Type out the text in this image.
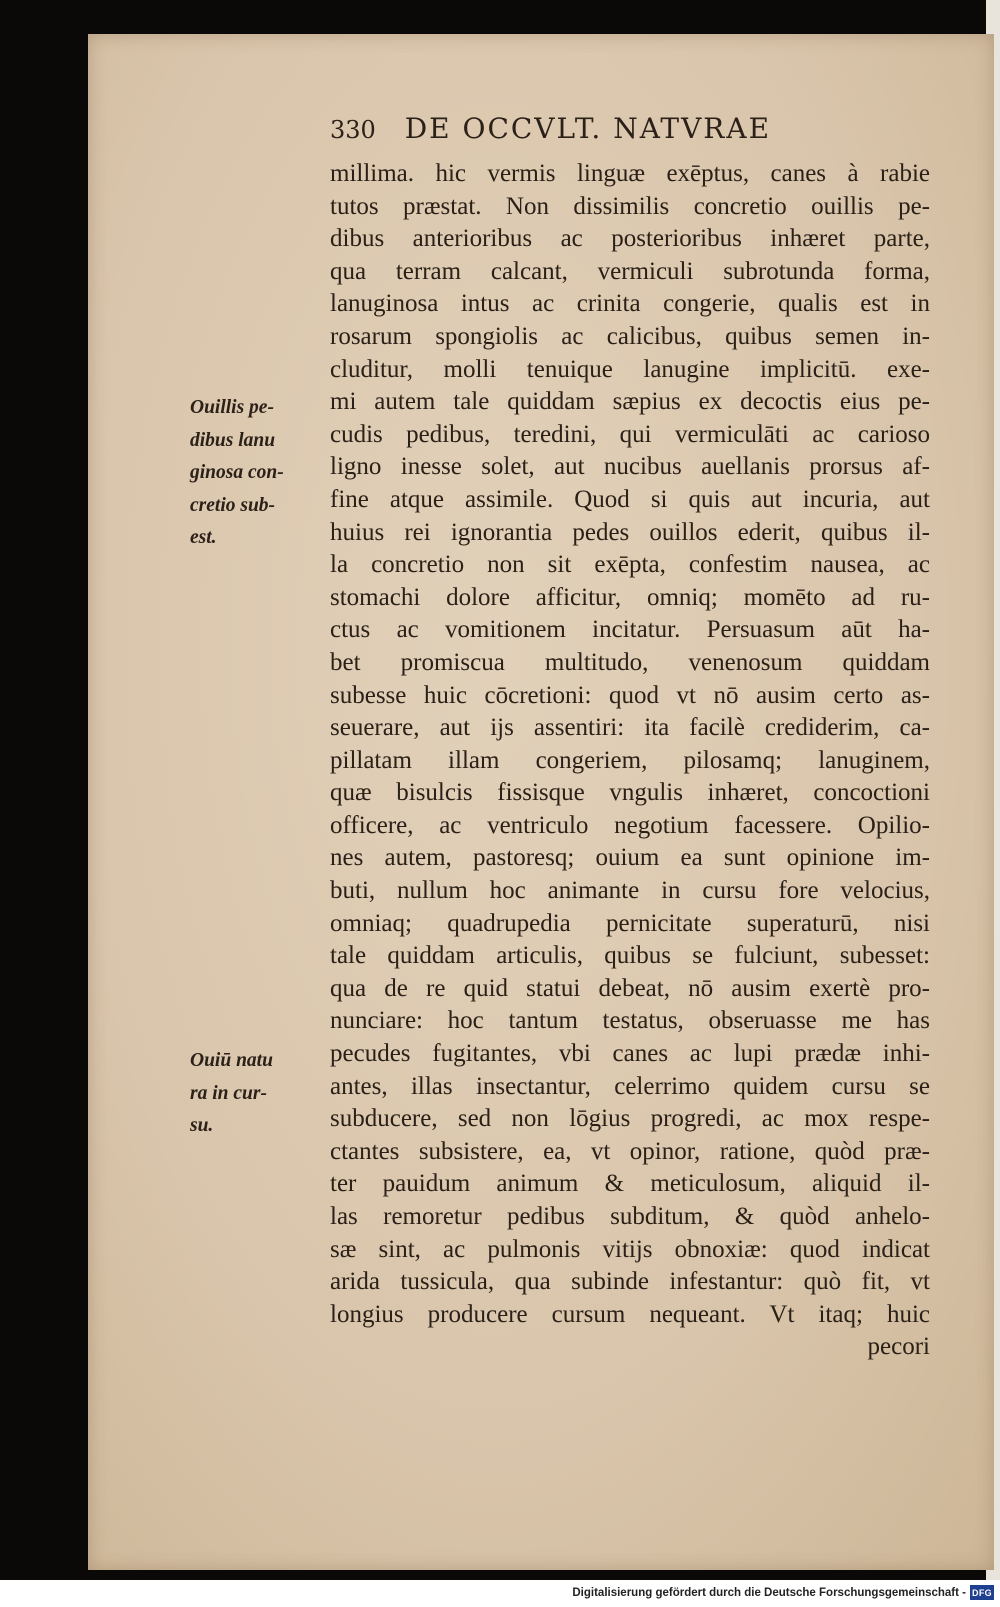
330 DE OCCVLT. NATVRAE
Ouillis pe-
dibus lanu
ginosa con-
cretio sub-
est.
Ouiū natu
ra in cur-
su.
millima. hic vermis linguæ exēptus, canes à rabie
tutos præstat. Non dissimilis concretio ouillis pe-
dibus anterioribus ac posterioribus inhæret parte,
qua terram calcant, vermiculi subrotunda forma,
lanuginosa intus ac crinita congerie, qualis est in
rosarum spongiolis ac calicibus, quibus semen in-
cluditur, molli tenuique lanugine implicitū. exe-
mi autem tale quiddam sæpius ex decoctis eius pe-
cudis pedibus, teredini, qui vermiculāti ac carioso
ligno inesse solet, aut nucibus auellanis prorsus af-
fine atque assimile. Quod si quis aut incuria, aut
huius rei ignorantia pedes ouillos ederit, quibus il-
la concretio non sit exēpta, confestim nausea, ac
stomachi dolore afficitur, omniq; momēto ad ru-
ctus ac vomitionem incitatur. Persuasum aūt ha-
bet promiscua multitudo, venenosum quiddam
subesse huic cōcretioni: quod vt nō ausim certo as-
seuerare, aut ijs assentiri: ita facilè crediderim, ca-
pillatam illam congeriem, pilosamq; lanuginem,
quæ bisulcis fissisque vngulis inhæret, concoctioni
officere, ac ventriculo negotium facessere. Opilio-
nes autem, pastoresq; ouium ea sunt opinione im-
buti, nullum hoc animante in cursu fore velocius,
omniaq; quadrupedia pernicitate superaturū, nisi
tale quiddam articulis, quibus se fulciunt, subesset:
qua de re quid statui debeat, nō ausim exertè pro-
nunciare: hoc tantum testatus, obseruasse me has
pecudes fugitantes, vbi canes ac lupi prædæ inhi-
antes, illas insectantur, celerrimo quidem cursu se
subducere, sed non lōgius progredi, ac mox respe-
ctantes subsistere, ea, vt opinor, ratione, quòd præ-
ter pauidum animum & meticulosum, aliquid il-
las remoretur pedibus subditum, & quòd anhelo-
sæ sint, ac pulmonis vitijs obnoxiæ: quod indicat
arida tussicula, qua subinde infestantur: quò fit, vt
longius producere cursum nequeant. Vt itaq; huic
pecori
Digitalisierung gefördert durch die Deutsche Forschungsgemeinschaft - DFG
